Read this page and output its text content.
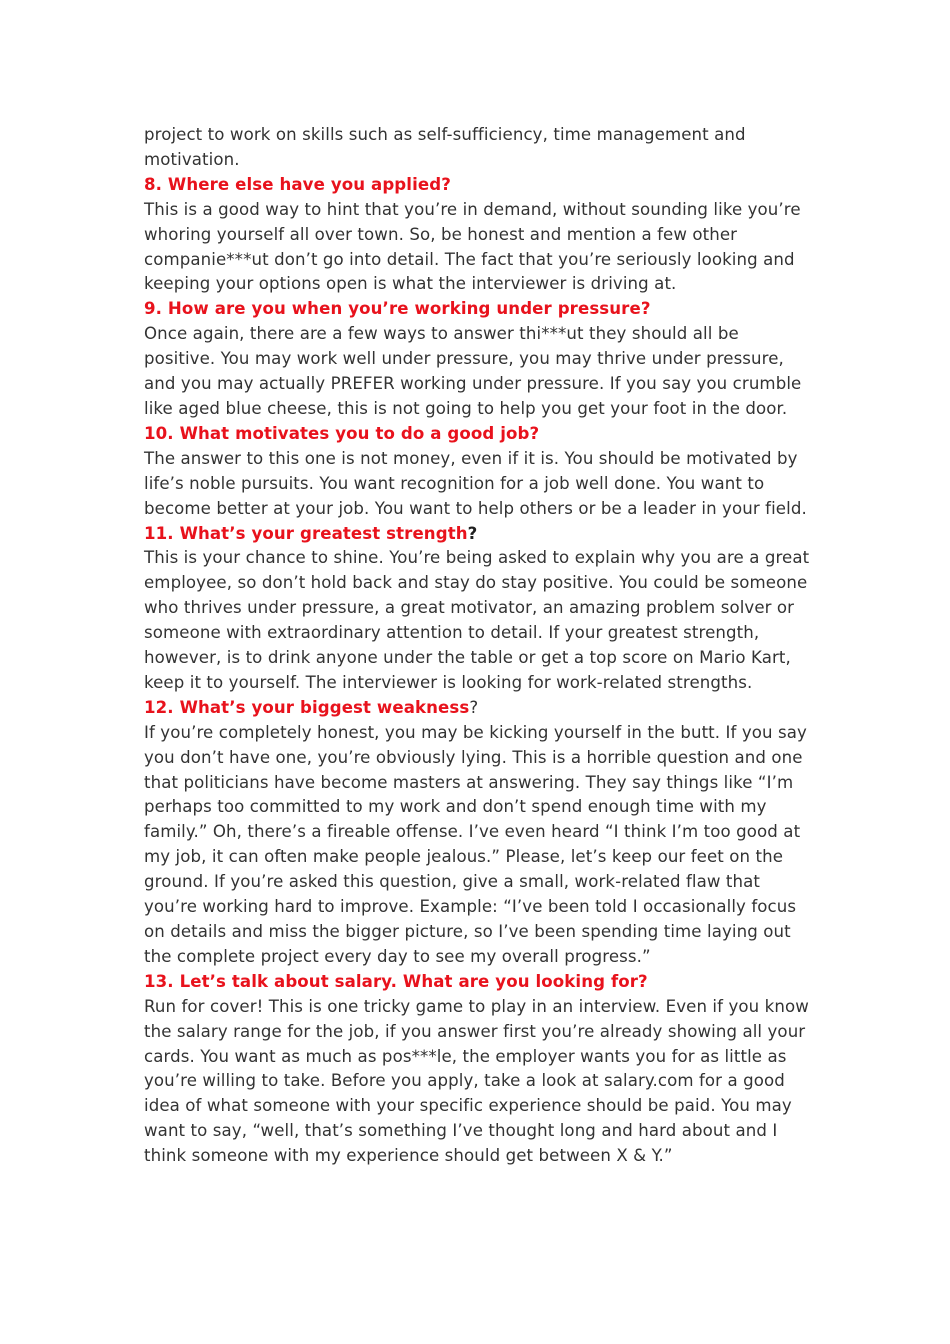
project to work on skills such as self-sufficiency, time management and motivation.

8. Where else have you applied?

This is a good way to hint that you’re in demand, without sounding like you’re whoring yourself all over town. So, be honest and mention a few other companie***ut don’t go into detail. The fact that you’re seriously looking and keeping your options open is what the interviewer is driving at.

9. How are you when you’re working under pressure?

Once again, there are a few ways to answer thi***ut they should all be positive. You may work well under pressure, you may thrive under pressure, and you may actually PREFER working under pressure. If you say you crumble like aged blue cheese, this is not going to help you get your foot in the door.

10. What motivates you to do a good job?

The answer to this one is not money, even if it is. You should be motivated by life’s noble pursuits. You want recognition for a job well done. You want to become better at your job. You want to help others or be a leader in your field.

11. What’s your greatest strength?

This is your chance to shine. You’re being asked to explain why you are a great employee, so don’t hold back and stay do stay positive. You could be someone who thrives under pressure, a great motivator, an amazing problem solver or someone with extraordinary attention to detail. If your greatest strength, however, is to drink anyone under the table or get a top score on Mario Kart, keep it to yourself. The interviewer is looking for work-related strengths.

12. What’s your biggest weakness?

If you’re completely honest, you may be kicking yourself in the butt. If you say you don’t have one, you’re obviously lying. This is a horrible question and one that politicians have become masters at answering. They say things like “I’m perhaps too committed to my work and don’t spend enough time with my family.” Oh, there’s a fireable offense. I’ve even heard “I think I’m too good at my job, it can often make people jealous.” Please, let’s keep our feet on the ground. If you’re asked this question, give a small, work-related flaw that you’re working hard to improve. Example: “I’ve been told I occasionally focus on details and miss the bigger picture, so I’ve been spending time laying out the complete project every day to see my overall progress.”

13. Let’s talk about salary. What are you looking for?

Run for cover! This is one tricky game to play in an interview. Even if you know the salary range for the job, if you answer first you’re already showing all your cards. You want as much as pos***le, the employer wants you for as little as you’re willing to take. Before you apply, take a look at salary.com for a good idea of what someone with your specific experience should be paid. You may want to say, “well, that’s something I’ve thought long and hard about and I think someone with my experience should get between X & Y.”
